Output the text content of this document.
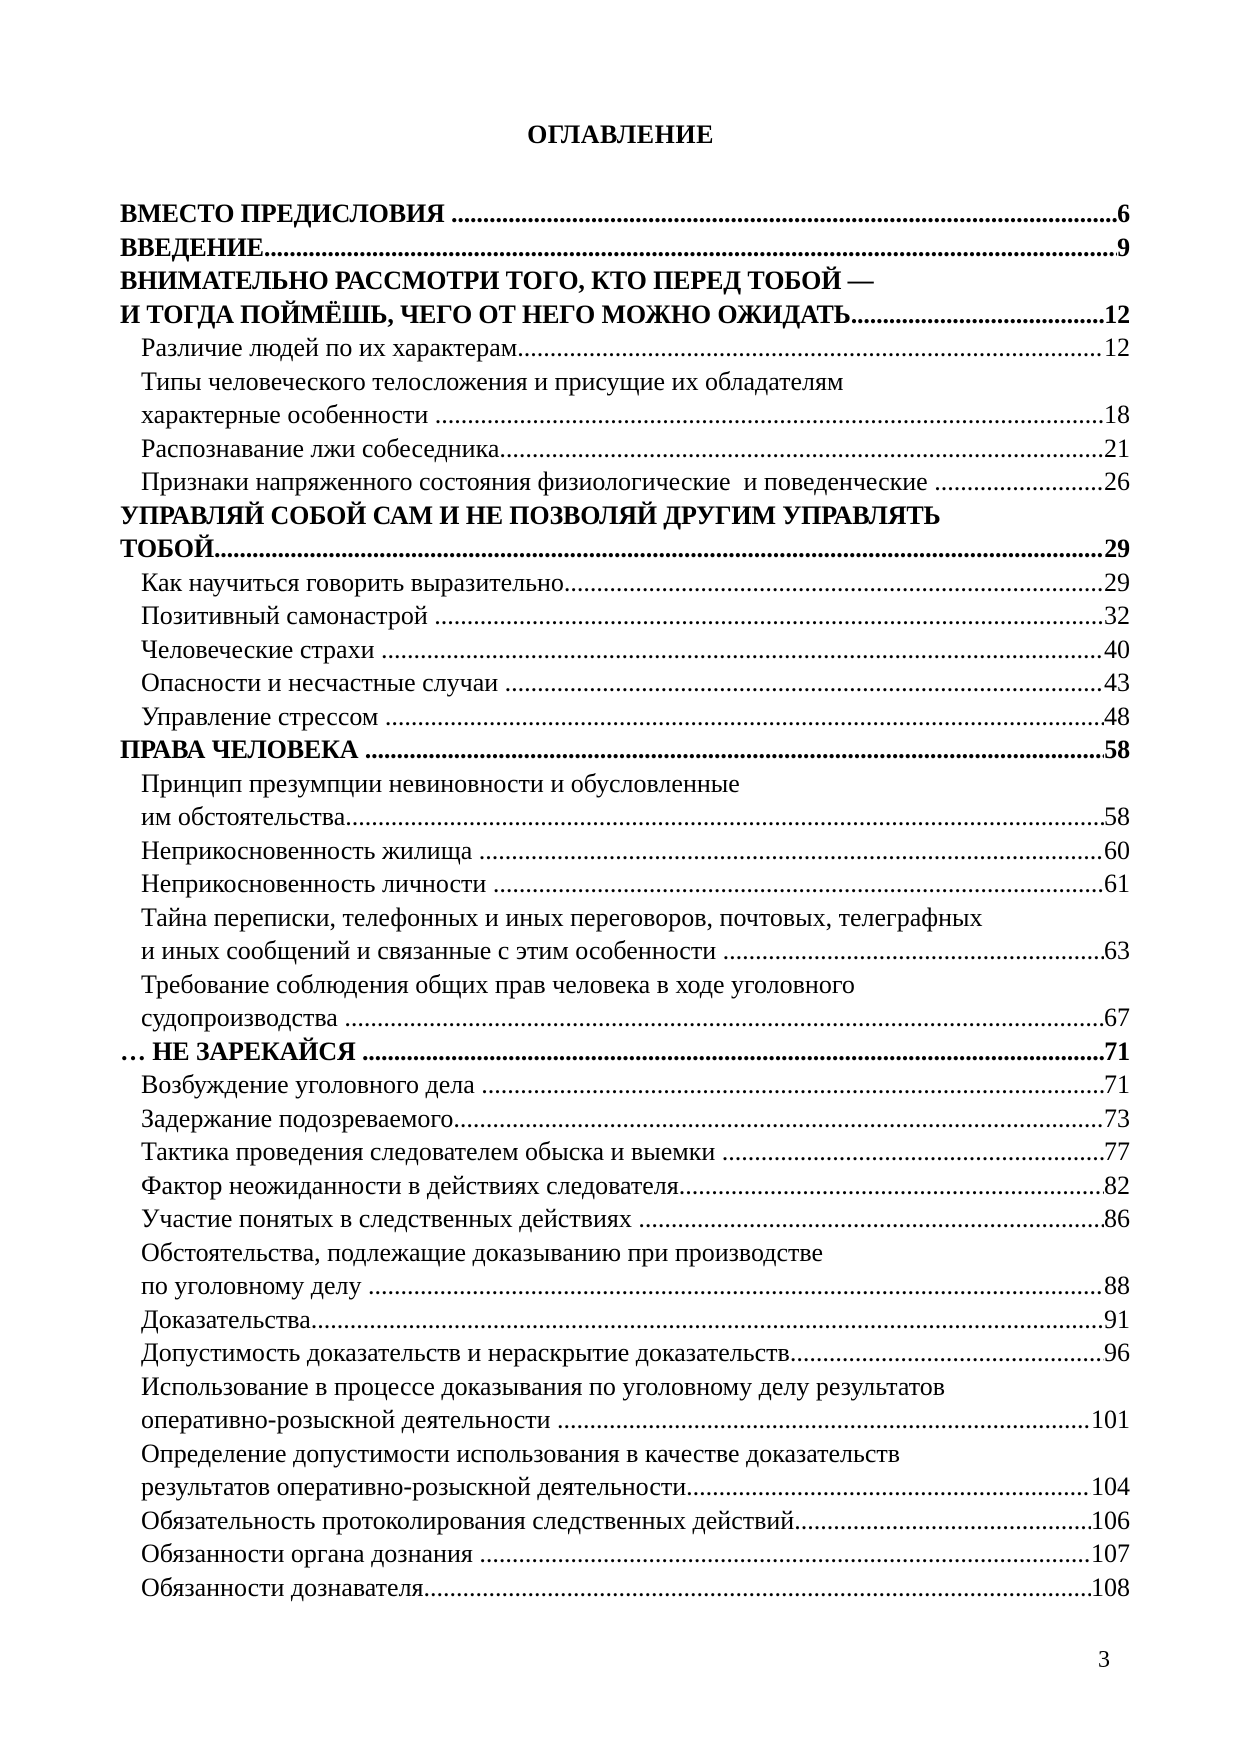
ОГЛАВЛЕНИЕ
ВМЕСТО ПРЕДИСЛОВИЯ .....	6
ВВЕДЕНИЕ .....	9
ВНИМАТЕЛЬНО РАССМОТРИ ТОГО, КТО ПЕРЕД ТОБОЙ —
И ТОГДА ПОЙМЁШЬ, ЧЕГО ОТ НЕГО МОЖНО ОЖИДАТЬ .....	12
Различие людей по их характерам .....	12
Типы человеческого телосложения и присущие их обладателям
характерные особенности .....	18
Распознавание лжи собеседника .....	21
Признаки напряженного состояния физиологические  и поведенческие .....	26
УПРАВЛЯЙ СОБОЙ САМ И НЕ ПОЗВОЛЯЙ ДРУГИМ УПРАВЛЯТЬ
ТОБОЙ .....	29
Как научиться говорить выразительно .....	29
Позитивный самонастрой .....	32
Человеческие страхи .....	40
Опасности и несчастные случаи .....	43
Управление стрессом .....	48
ПРАВА ЧЕЛОВЕКА .....	58
Принцип презумпции невиновности и обусловленные
им обстоятельства .....	58
Неприкосновенность жилища .....	60
Неприкосновенность личности .....	61
Тайна переписки, телефонных и иных переговоров, почтовых, телеграфных
и иных сообщений и связанные с этим особенности .....	63
Требование соблюдения общих прав человека в ходе уголовного
судопроизводства .....	67
… НЕ ЗАРЕКАЙСЯ .....	71
Возбуждение уголовного дела .....	71
Задержание подозреваемого .....	73
Тактика проведения следователем обыска и выемки .....	77
Фактор неожиданности в действиях следователя .....	82
Участие понятых в следственных действиях .....	86
Обстоятельства, подлежащие доказыванию при производстве
по уголовному делу .....	88
Доказательства .....	91
Допустимость доказательств и нераскрытие доказательств .....	96
Использование в процессе доказывания по уголовному делу результатов
оперативно-розыскной деятельности .....	101
Определение допустимости использования в качестве доказательств
результатов оперативно-розыскной деятельности .....	104
Обязательность протоколирования следственных действий .....	106
Обязанности органа дознания .....	107
Обязанности дознавателя .....	108
3
